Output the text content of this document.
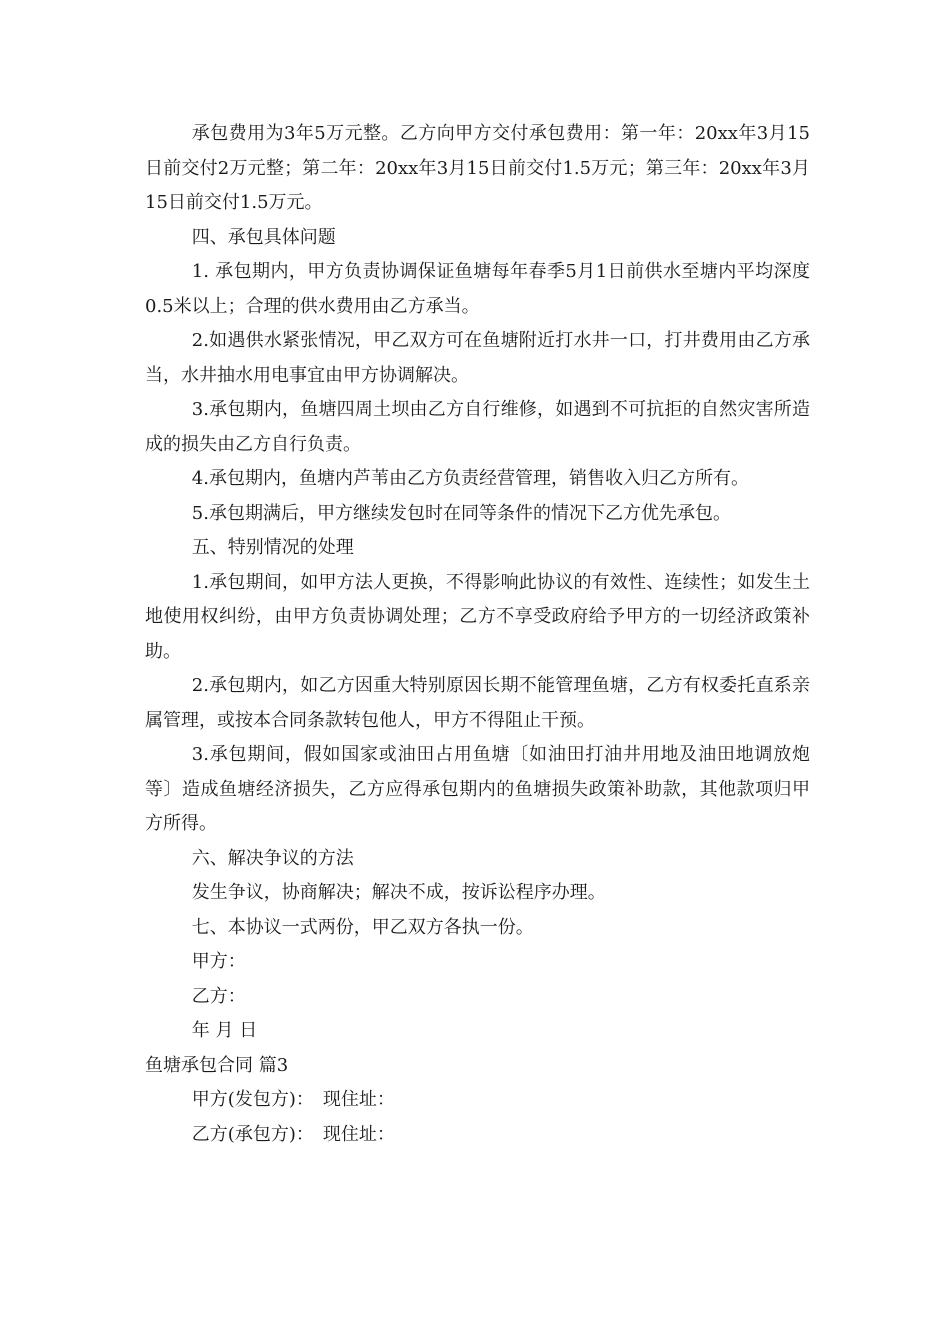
承包费用为3年5万元整。乙方向甲方交付承包费用：第一年：20xx年3月15日前交付2万元整；第二年：20xx年3月15日前交付1.5万元；第三年：20xx年3月15日前交付1.5万元。

四、承包具体问题

1. 承包期内，甲方负责协调保证鱼塘每年春季5月1日前供水至塘内平均深度0.5米以上；合理的供水费用由乙方承当。

2.如遇供水紧张情况，甲乙双方可在鱼塘附近打水井一口，打井费用由乙方承当，水井抽水用电事宜由甲方协调解决。

3.承包期内，鱼塘四周土坝由乙方自行维修，如遇到不可抗拒的自然灾害所造成的损失由乙方自行负责。

4.承包期内，鱼塘内芦苇由乙方负责经营管理，销售收入归乙方所有。

5.承包期满后，甲方继续发包时在同等条件的情况下乙方优先承包。

五、特别情况的处理

1.承包期间，如甲方法人更换，不得影响此协议的有效性、连续性；如发生土地使用权纠纷，由甲方负责协调处理；乙方不享受政府给予甲方的一切经济政策补助。

2.承包期内，如乙方因重大特别原因长期不能管理鱼塘，乙方有权委托直系亲属管理，或按本合同条款转包他人，甲方不得阻止干预。

3.承包期间，假如国家或油田占用鱼塘〔如油田打油井用地及油田地调放炮等〕造成鱼塘经济损失，乙方应得承包期内的鱼塘损失政策补助款，其他款项归甲方所得。

六、解决争议的方法

发生争议，协商解决；解决不成，按诉讼程序办理。

七、本协议一式两份，甲乙双方各执一份。

甲方：

乙方：

年 月 日

鱼塘承包合同 篇3

甲方(发包方)：　现住址：

乙方(承包方)：　现住址：
